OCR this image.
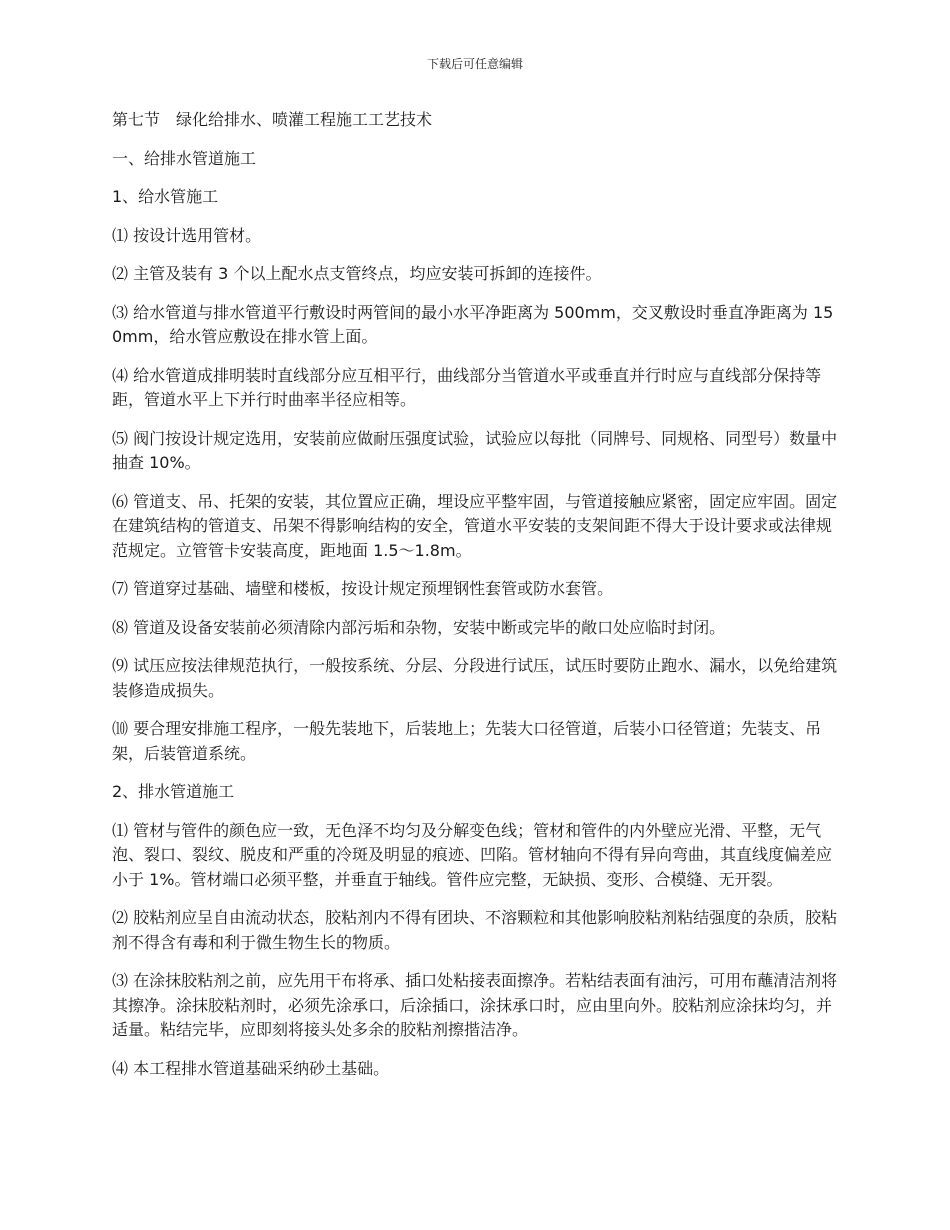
下载后可任意编辑

第七节　绿化给排水、喷灌工程施工工艺技术

一、给排水管道施工

1、给水管施工

⑴ 按设计选用管材。

⑵ 主管及装有 3 个以上配水点支管终点，均应安装可拆卸的连接件。

⑶ 给水管道与排水管道平行敷设时两管间的最小水平净距离为 500mm，交叉敷设时垂直净距离为 150mm，给水管应敷设在排水管上面。

⑷ 给水管道成排明装时直线部分应互相平行，曲线部分当管道水平或垂直并行时应与直线部分保持等距，管道水平上下并行时曲率半径应相等。

⑸ 阀门按设计规定选用，安装前应做耐压强度试验，试验应以每批（同牌号、同规格、同型号）数量中抽查 10%。

⑹ 管道支、吊、托架的安装，其位置应正确，埋设应平整牢固，与管道接触应紧密，固定应牢固。固定在建筑结构的管道支、吊架不得影响结构的安全，管道水平安装的支架间距不得大于设计要求或法律规范规定。立管管卡安装高度，距地面 1.5～1.8m。

⑺ 管道穿过基础、墙壁和楼板，按设计规定预埋钢性套管或防水套管。

⑻ 管道及设备安装前必须清除内部污垢和杂物，安装中断或完毕的敞口处应临时封闭。

⑼ 试压应按法律规范执行，一般按系统、分层、分段进行试压，试压时要防止跑水、漏水，以免给建筑装修造成损失。

⑽ 要合理安排施工程序，一般先装地下，后装地上；先装大口径管道，后装小口径管道；先装支、吊架，后装管道系统。

2、排水管道施工

⑴ 管材与管件的颜色应一致，无色泽不均匀及分解变色线；管材和管件的内外壁应光滑、平整，无气泡、裂口、裂纹、脱皮和严重的冷斑及明显的痕迹、凹陷。管材轴向不得有异向弯曲，其直线度偏差应小于 1%。管材端口必须平整，并垂直于轴线。管件应完整，无缺损、变形、合模缝、无开裂。

⑵ 胶粘剂应呈自由流动状态，胶粘剂内不得有团块、不溶颗粒和其他影响胶粘剂粘结强度的杂质，胶粘剂不得含有毒和利于微生物生长的物质。

⑶ 在涂抹胶粘剂之前，应先用干布将承、插口处粘接表面擦净。若粘结表面有油污，可用布蘸清洁剂将其擦净。涂抹胶粘剂时，必须先涂承口，后涂插口，涂抹承口时，应由里向外。胶粘剂应涂抹均匀，并适量。粘结完毕，应即刻将接头处多余的胶粘剂擦揩洁净。

⑷ 本工程排水管道基础采纳砂土基础。
